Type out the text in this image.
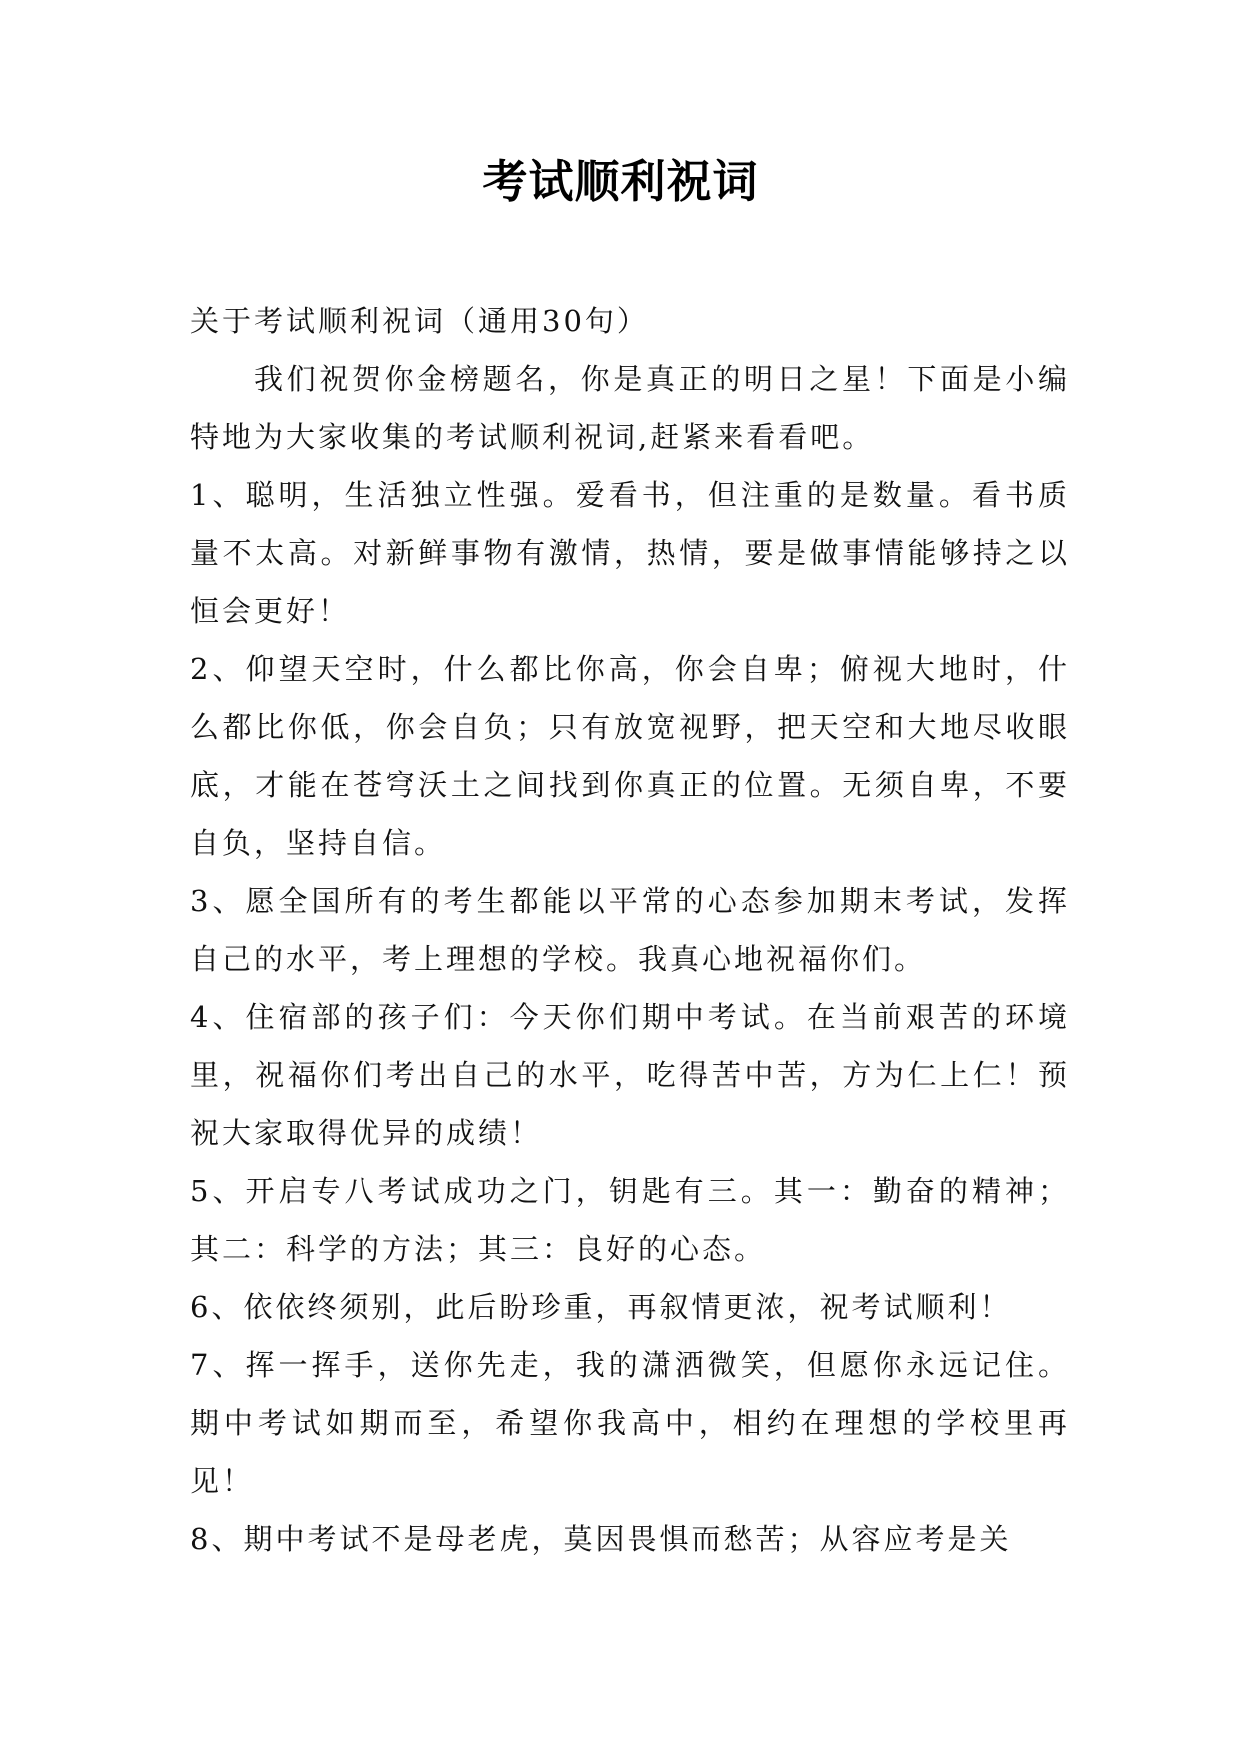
考试顺利祝词

关于考试顺利祝词（通用30句）

我们祝贺你金榜题名，你是真正的明日之星！下面是小编特地为大家收集的考试顺利祝词,赶紧来看看吧。

1、聪明，生活独立性强。爱看书，但注重的是数量。看书质量不太高。对新鲜事物有激情，热情，要是做事情能够持之以恒会更好！

2、仰望天空时，什么都比你高，你会自卑；俯视大地时，什么都比你低，你会自负；只有放宽视野，把天空和大地尽收眼底，才能在苍穹沃土之间找到你真正的位置。无须自卑，不要自负，坚持自信。

3、愿全国所有的考生都能以平常的心态参加期末考试，发挥自己的水平，考上理想的学校。我真心地祝福你们。

4、住宿部的孩子们：今天你们期中考试。在当前艰苦的环境里，祝福你们考出自己的水平，吃得苦中苦，方为仁上仁！预祝大家取得优异的成绩！

5、开启专八考试成功之门，钥匙有三。其一：勤奋的精神；其二：科学的方法；其三：良好的心态。

6、依依终须别，此后盼珍重，再叙情更浓，祝考试顺利！

7、挥一挥手，送你先走，我的潇洒微笑，但愿你永远记住。期中考试如期而至，希望你我高中，相约在理想的学校里再见！

8、期中考试不是母老虎，莫因畏惧而愁苦；从容应考是关
